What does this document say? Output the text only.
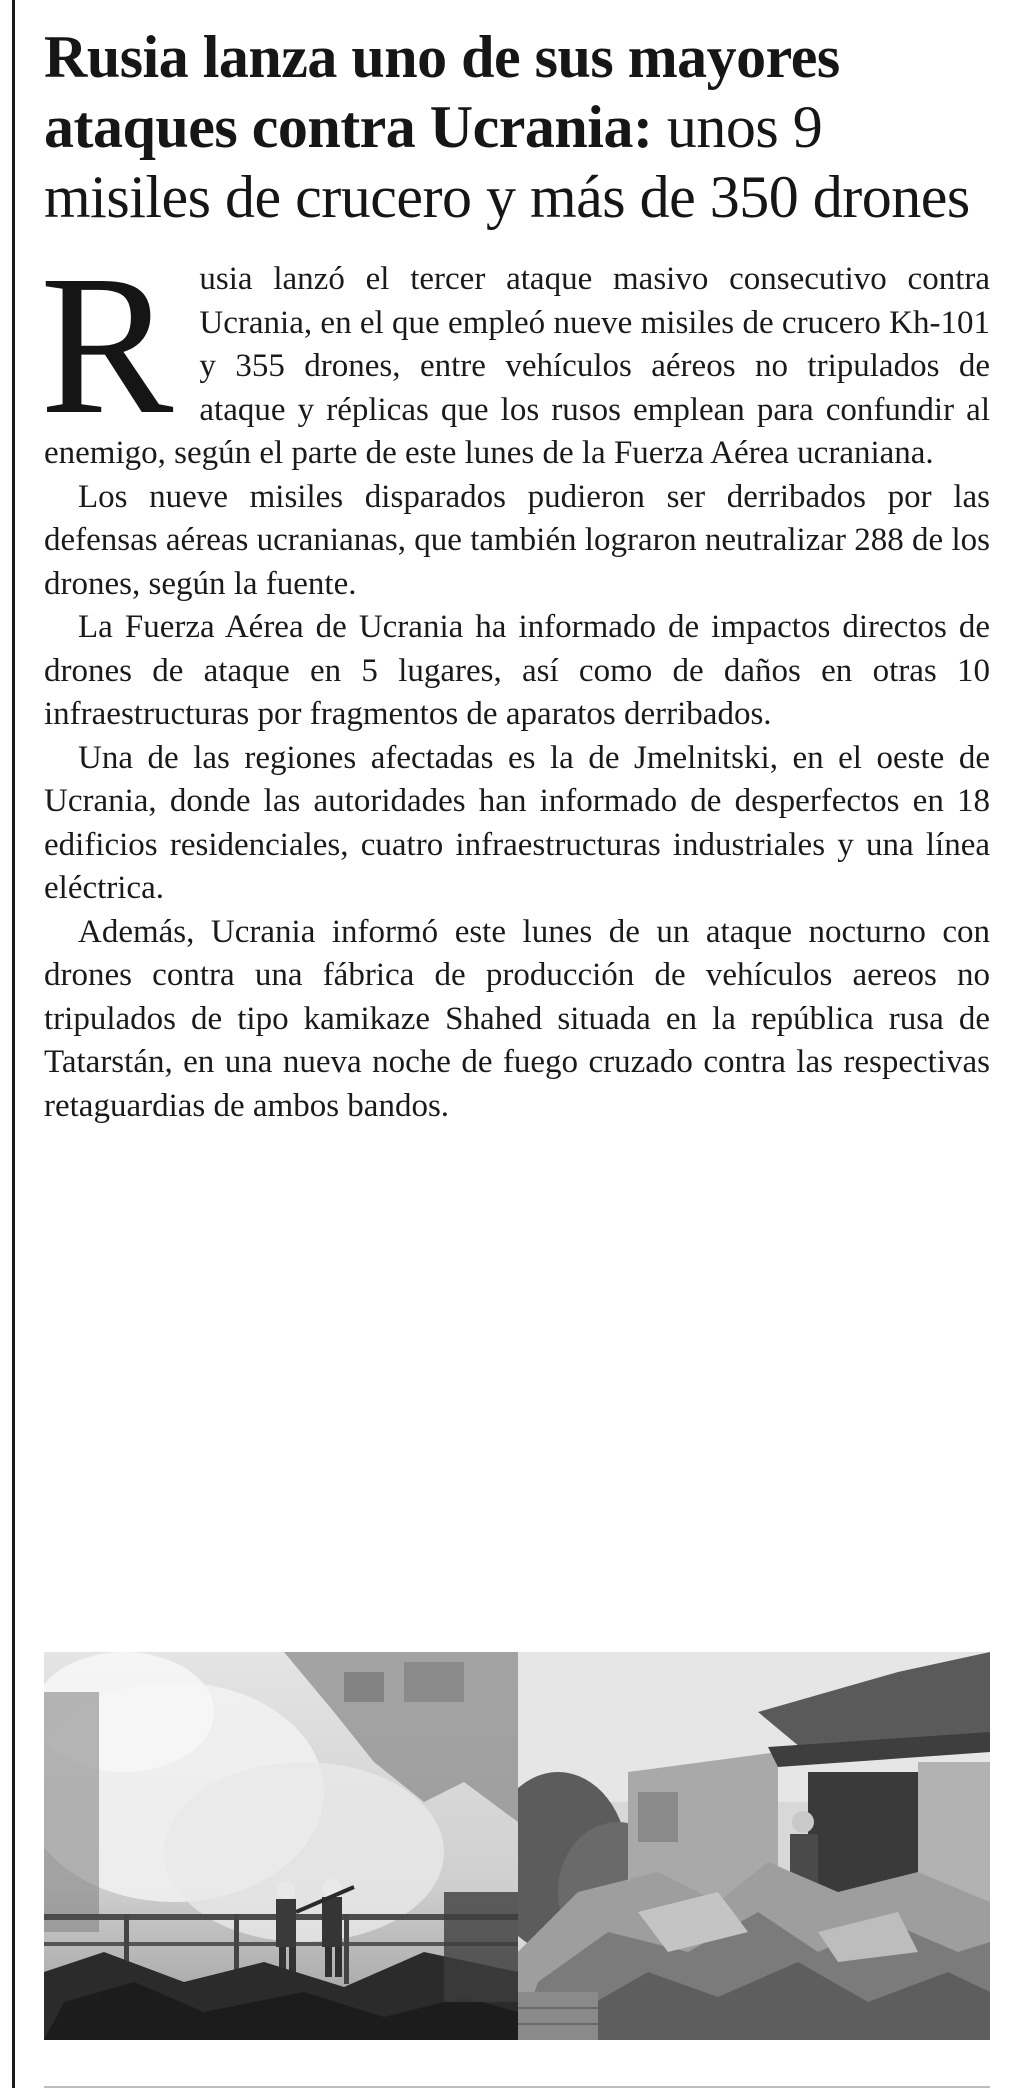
Rusia lanza uno de sus mayores ataques contra Ucrania: unos 9 misiles de crucero y más de 350 drones

Rusia lanzó el tercer ataque masivo consecutivo contra Ucrania, en el que empleó nueve misiles de crucero Kh-101 y 355 drones, entre vehículos aéreos no tripulados de ataque y réplicas que los rusos emplean para confundir al enemigo, según el parte de este lunes de la Fuerza Aérea ucraniana.

Los nueve misiles disparados pudieron ser derribados por las defensas aéreas ucranianas, que también lograron neutralizar 288 de los drones, según la fuente.

La Fuerza Aérea de Ucrania ha informado de impactos directos de drones de ataque en 5 lugares, así como de daños en otras 10 infraestructuras por fragmentos de aparatos derribados.

Una de las regiones afectadas es la de Jmelnitski, en el oeste de Ucrania, donde las autoridades han informado de desperfectos en 18 edificios residenciales, cuatro infraestructuras industriales y una línea eléctrica.

Además, Ucrania informó este lunes de un ataque nocturno con drones contra una fábrica de producción de vehículos aereos no tripulados de tipo kamikaze Shahed situada en la república rusa de Tatarstán, en una nueva noche de fuego cruzado contra las respectivas retaguardias de ambos bandos.
